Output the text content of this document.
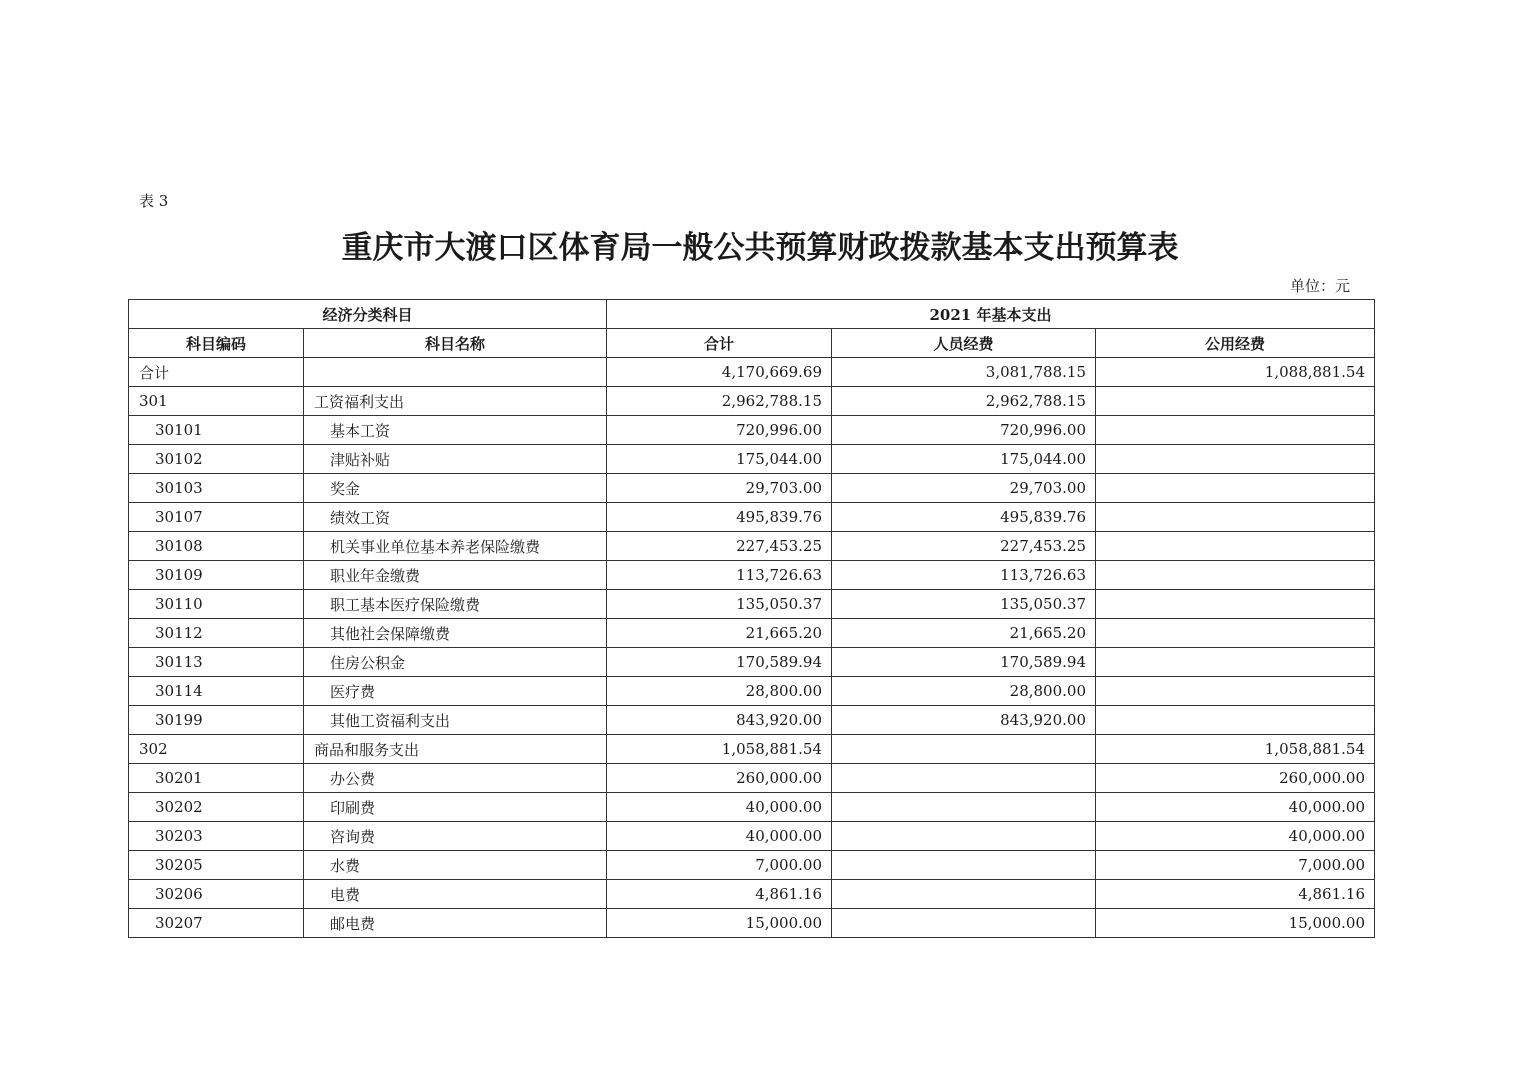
表 3
重庆市大渡口区体育局一般公共预算财政拨款基本支出预算表
单位：元
经济分类科目		2021 年基本支出		
科目编码	科目名称	合计	人员经费	公用经费
合计		4,170,669.69	3,081,788.15	1,088,881.54
301	工资福利支出	2,962,788.15	2,962,788.15	
30101	基本工资	720,996.00	720,996.00	
30102	津贴补贴	175,044.00	175,044.00	
30103	奖金	29,703.00	29,703.00	
30107	绩效工资	495,839.76	495,839.76	
30108	机关事业单位基本养老保险缴费	227,453.25	227,453.25	
30109	职业年金缴费	113,726.63	113,726.63	
30110	职工基本医疗保险缴费	135,050.37	135,050.37	
30112	其他社会保障缴费	21,665.20	21,665.20	
30113	住房公积金	170,589.94	170,589.94	
30114	医疗费	28,800.00	28,800.00	
30199	其他工资福利支出	843,920.00	843,920.00	
302	商品和服务支出	1,058,881.54		1,058,881.54
30201	办公费	260,000.00		260,000.00
30202	印刷费	40,000.00		40,000.00
30203	咨询费	40,000.00		40,000.00
30205	水费	7,000.00		7,000.00
30206	电费	4,861.16		4,861.16
30207	邮电费	15,000.00		15,000.00
